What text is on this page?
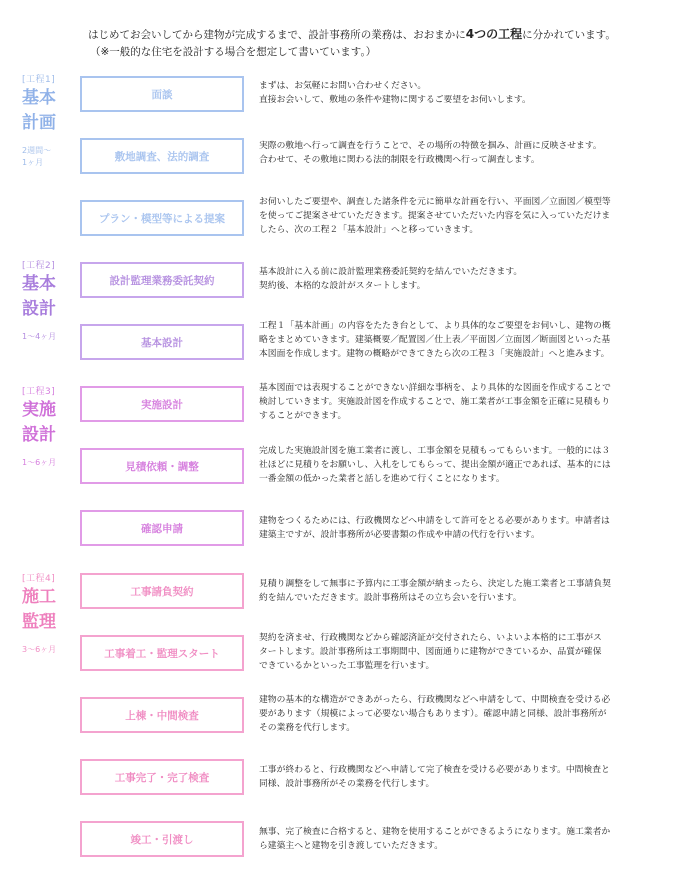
はじめてお会いしてから建物が完成するまで、設計事務所の業務は、おおまかに4つの工程に分かれています。
（※一般的な住宅を設計する場合を想定して書いています。）
[工程1]
基本
計画
2週間〜
1ヶ月
[工程2]
基本
設計
1〜4ヶ月
[工程3]
実施
設計
1〜6ヶ月
[工程4]
施工
監理
3〜6ヶ月
面談
まずは、お気軽にお問い合わせください。
直接お会いして、敷地の条件や建物に関するご要望をお伺いします。
敷地調査、法的調査
実際の敷地へ行って調査を行うことで、その場所の特徴を掴み、計画に反映させます。
合わせて、その敷地に関わる法的制限を行政機関へ行って調査します。
プラン・模型等による提案
お伺いしたご要望や、調査した諸条件を元に簡単な計画を行い、平面図／立面図／模型等
を使ってご提案させていただきます。提案させていただいた内容を気に入っていただけま
したら、次の工程２「基本設計」へと移っていきます。
設計監理業務委託契約
基本設計に入る前に設計監理業務委託契約を結んでいただきます。
契約後、本格的な設計がスタートします。
基本設計
工程１「基本計画」の内容をたたき台として、より具体的なご要望をお伺いし、建物の概
略をまとめていきます。建築概要／配置図／仕上表／平面図／立面図／断面図といった基
本図面を作成します。建物の概略ができてきたら次の工程３「実施設計」へと進みます。
実施設計
基本図面では表現することができない詳細な事柄を、より具体的な図面を作成することで
検討していきます。実施設計図を作成することで、施工業者が工事金額を正確に見積もり
することができます。
見積依頼・調整
完成した実施設計図を施工業者に渡し、工事金額を見積もってもらいます。一般的には３
社ほどに見積りをお願いし、入札をしてもらって、提出金額が適正であれば、基本的には
一番金額の低かった業者と話しを進めて行くことになります。
確認申請
建物をつくるためには、行政機関などへ申請をして許可をとる必要があります。申請者は
建築主ですが、設計事務所が必要書類の作成や申請の代行を行います。
工事請負契約
見積り調整をして無事に予算内に工事金額が納まったら、決定した施工業者と工事請負契
約を結んでいただきます。設計事務所はその立ち会いを行います。
工事着工・監理スタート
契約を済ませ、行政機関などから確認済証が交付されたら、いよいよ本格的に工事がス
タートします。設計事務所は工事期間中、図面通りに建物ができているか、品質が確保
できているかといった工事監理を行います。
上棟・中間検査
建物の基本的な構造ができあがったら、行政機関などへ申請をして、中間検査を受ける必
要があります（規模によって必要ない場合もあります）。確認申請と同様、設計事務所が
その業務を代行します。
工事完了・完了検査
工事が終わると、行政機関などへ申請して完了検査を受ける必要があります。中間検査と
同様、設計事務所がその業務を代行します。
竣工・引渡し
無事、完了検査に合格すると、建物を使用することができるようになります。施工業者か
ら建築主へと建物を引き渡していただきます。
